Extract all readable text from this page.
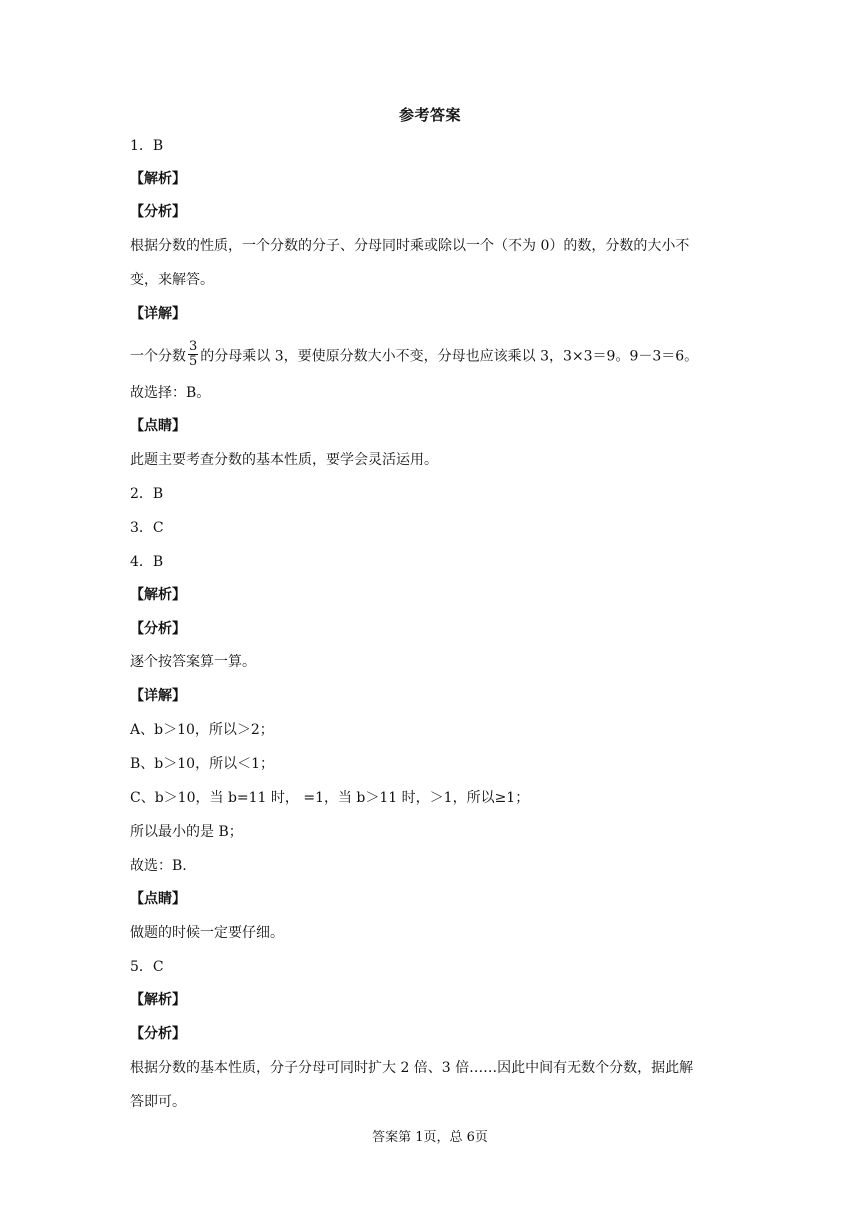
参考答案
1．B
【解析】
【分析】
根据分数的性质，一个分数的分子、分母同时乘或除以一个（不为 0）的数，分数的大小不
变，来解答。
【详解】
一个分数 $\frac{3}{5}$ 的分母乘以 3，要使原分数大小不变，分母也应该乘以 3，3×3＝9。9－3＝6。
故选择：B。
【点睛】
此题主要考查分数的基本性质，要学会灵活运用。
2．B
3．C
4．B
【解析】
【分析】
逐个按答案算一算。
【详解】
A、b＞10，所以＞2；
B、b＞10，所以＜1；
C、b＞10，当 b=11 时， =1，当 b＞11 时，＞1，所以≥1；
所以最小的是 B；
故选：B.
【点睛】
做题的时候一定要仔细。
5．C
【解析】
【分析】
根据分数的基本性质，分子分母可同时扩大 2 倍、3 倍……因此中间有无数个分数，据此解
答即可。
答案第 1页，总 6页
